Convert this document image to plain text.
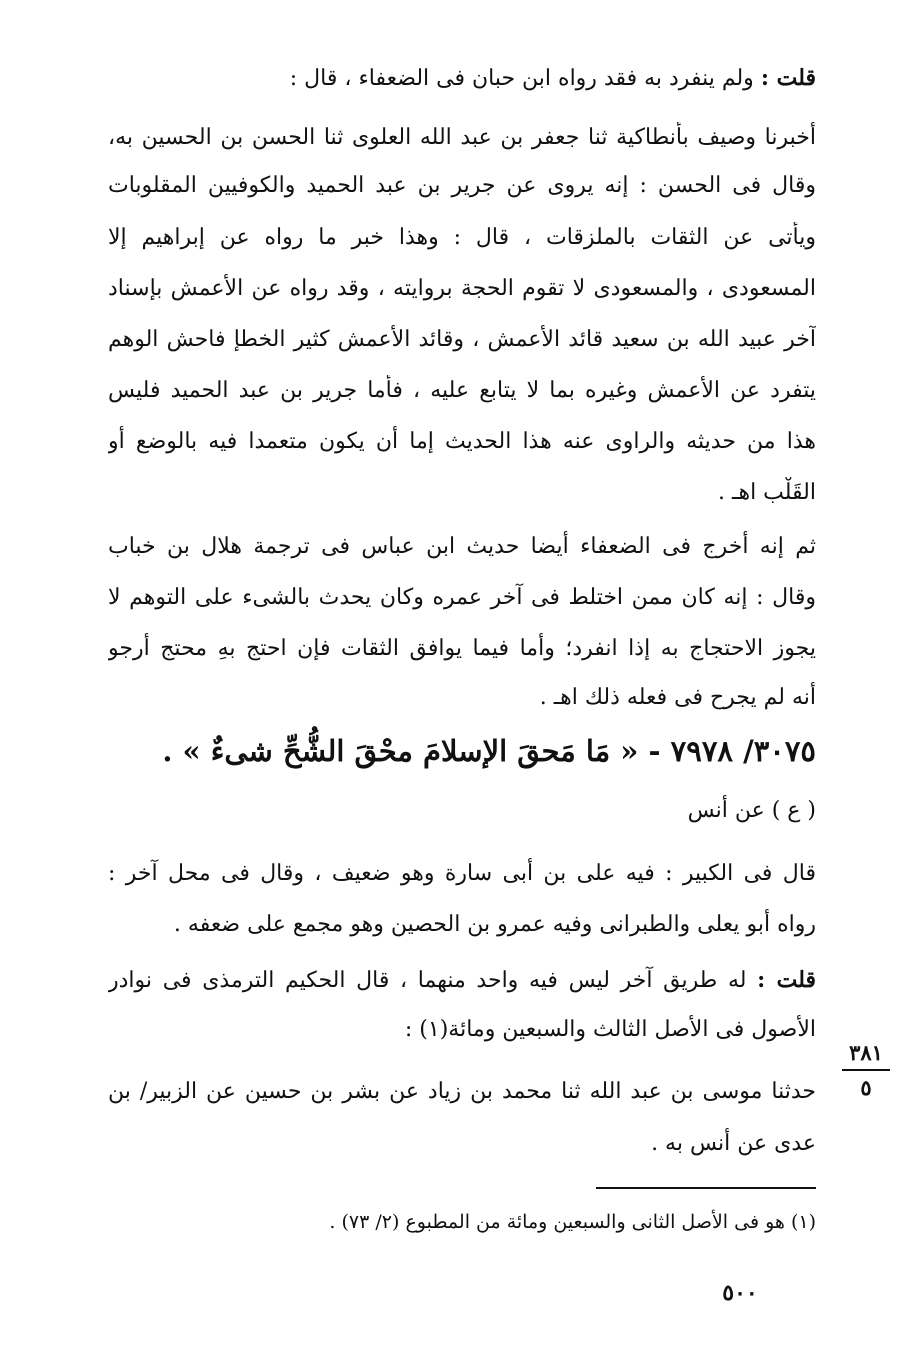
قلت : ولم ينفرد به فقد رواه ابن حبان فى الضعفاء ، قال :
أخبرنا وصيف بأنطاكية ثنا جعفر بن عبد الله العلوى ثنا الحسن بن الحسين به،
وقال فى الحسن : إنه يروى عن جرير بن عبد الحميد والكوفيين المقلوبات
ويأتى عن الثقات بالملزقات ، قال : وهذا خبر ما رواه عن إبراهيم إلا
المسعودى ، والمسعودى لا تقوم الحجة بروايته ، وقد رواه عن الأعمش بإسناد
آخر عبيد الله بن سعيد قائد الأعمش ، وقائد الأعمش كثير الخطإ فاحش الوهم
يتفرد عن الأعمش وغيره بما لا يتابع عليه ، فأما جرير بن عبد الحميد فليس
هذا من حديثه والراوى عنه هذا الحديث إما أن يكون متعمدا فيه بالوضع أو
القَلْب اهـ .
ثم إنه أخرج فى الضعفاء أيضا حديث ابن عباس فى ترجمة هلال بن خباب
وقال : إنه كان ممن اختلط فى آخر عمره وكان يحدث بالشىء على التوهم لا
يجوز الاحتجاج به إذا انفرد؛ وأما فيما يوافق الثقات فإن احتج بهِ محتج أرجو
أنه لم يجرح فى فعله ذلك اهـ .
٣٠٧٥/ ٧٩٧٨ - « مَا مَحقَ الإسلامَ محْقَ الشُّحِّ شىءٌ » .
( ع ) عن أنس
قال فى الكبير : فيه على بن أبى سارة وهو ضعيف ، وقال فى محل آخر :
رواه أبو يعلى والطبرانى وفيه عمرو بن الحصين وهو مجمع على ضعفه .
قلت : له طريق آخر ليس فيه واحد منهما ، قال الحكيم الترمذى فى نوادر
الأصول فى الأصل الثالث والسبعين ومائة(١) :
حدثنا موسى بن عبد الله ثنا محمد بن زياد عن بشر بن حسين عن الزبير/ بن
عدى عن أنس به .
٣٨١
٥
(١) هو فى الأصل الثانى والسبعين ومائة من المطبوع (٢/ ٧٣) .
٥٠٠
